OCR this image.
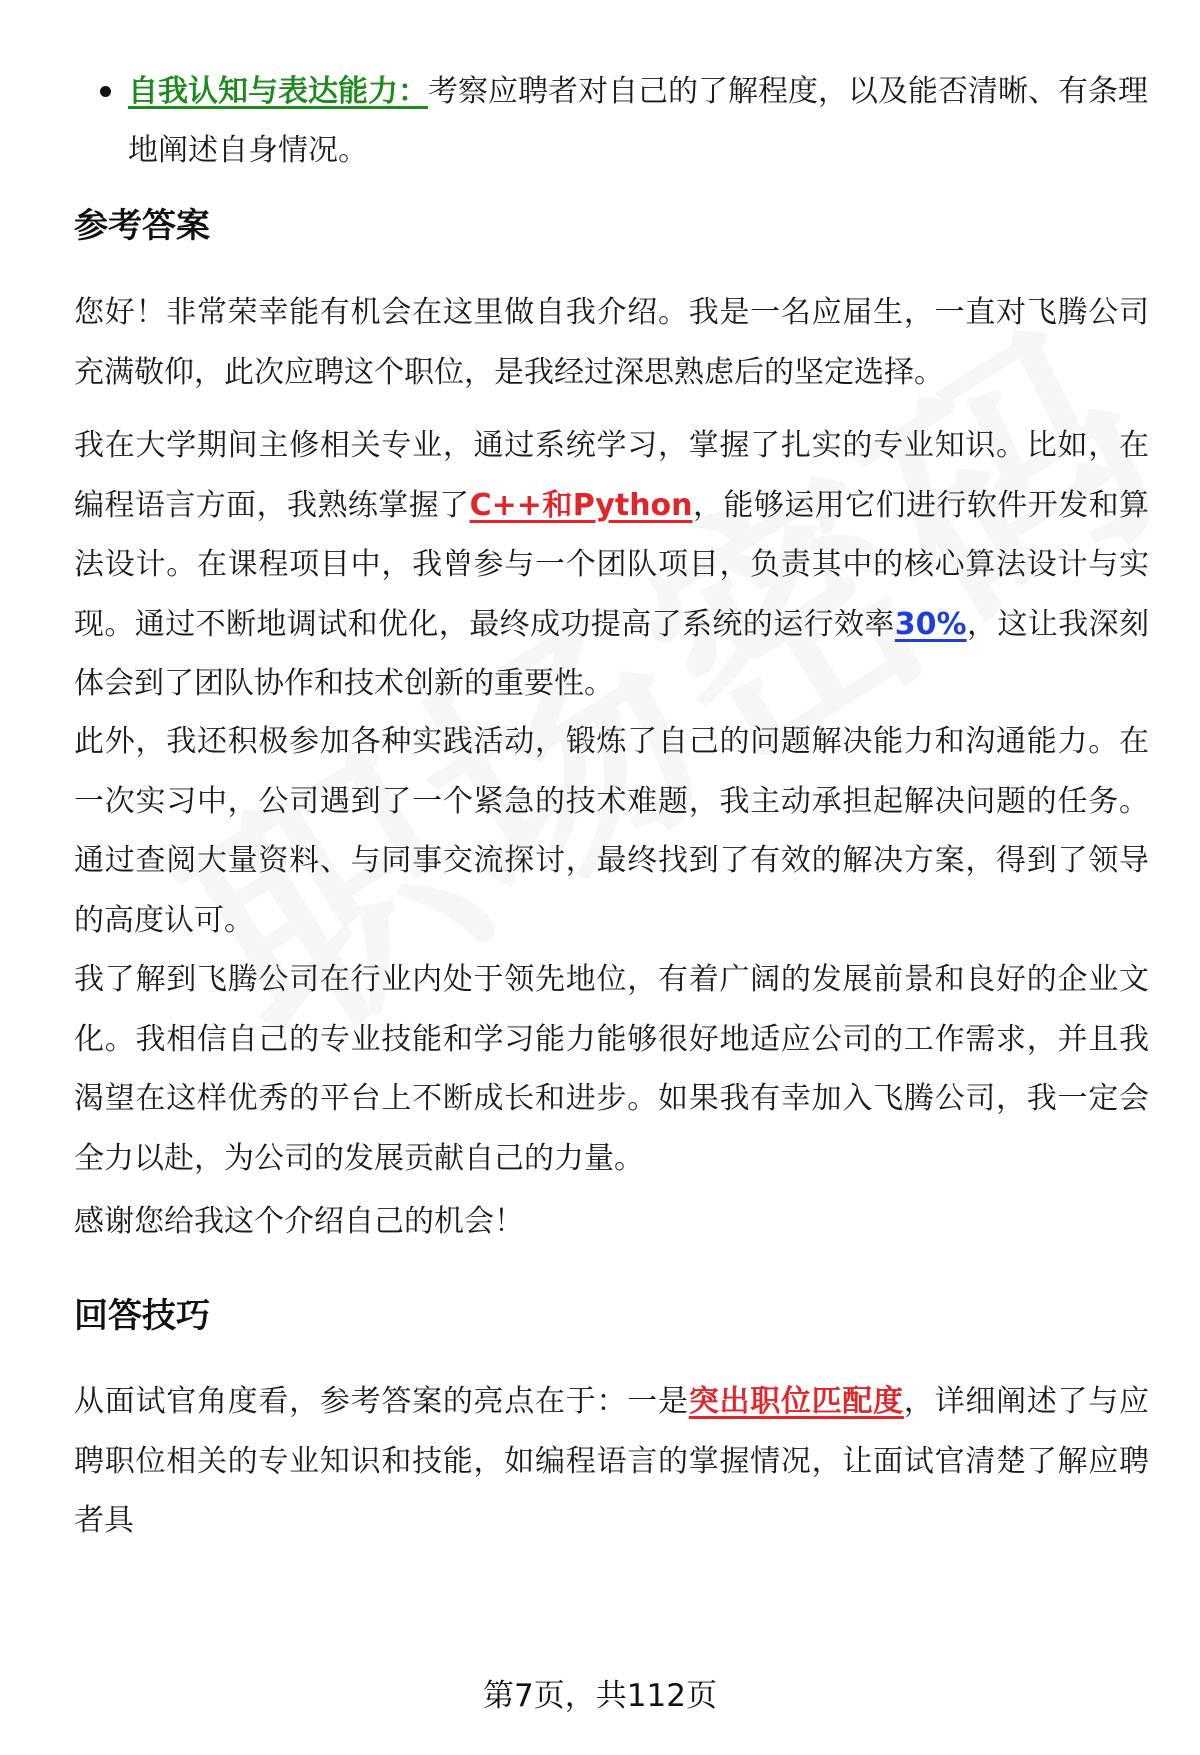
自我认知与表达能力：考察应聘者对自己的了解程度，以及能否清晰、有条理地阐述自身情况。
参考答案

您好！非常荣幸能有机会在这里做自我介绍。我是一名应届生，一直对飞腾公司充满敬仰，此次应聘这个职位，是我经过深思熟虑后的坚定选择。

我在大学期间主修相关专业，通过系统学习，掌握了扎实的专业知识。比如，在编程语言方面，我熟练掌握了C++和Python，能够运用它们进行软件开发和算法设计。在课程项目中，我曾参与一个团队项目，负责其中的核心算法设计与实现。通过不断地调试和优化，最终成功提高了系统的运行效率30%，这让我深刻体会到了团队协作和技术创新的重要性。

此外，我还积极参加各种实践活动，锻炼了自己的问题解决能力和沟通能力。在一次实习中，公司遇到了一个紧急的技术难题，我主动承担起解决问题的任务。通过查阅大量资料、与同事交流探讨，最终找到了有效的解决方案，得到了领导的高度认可。

我了解到飞腾公司在行业内处于领先地位，有着广阔的发展前景和良好的企业文化。我相信自己的专业技能和学习能力能够很好地适应公司的工作需求，并且我渴望在这样优秀的平台上不断成长和进步。如果我有幸加入飞腾公司，我一定会全力以赴，为公司的发展贡献自己的力量。

感谢您给我这个介绍自己的机会！

回答技巧

从面试官角度看，参考答案的亮点在于：一是突出职位匹配度，详细阐述了与应聘职位相关的专业知识和技能，如编程语言的掌握情况，让面试官清楚了解应聘者具

第7页，共112页
